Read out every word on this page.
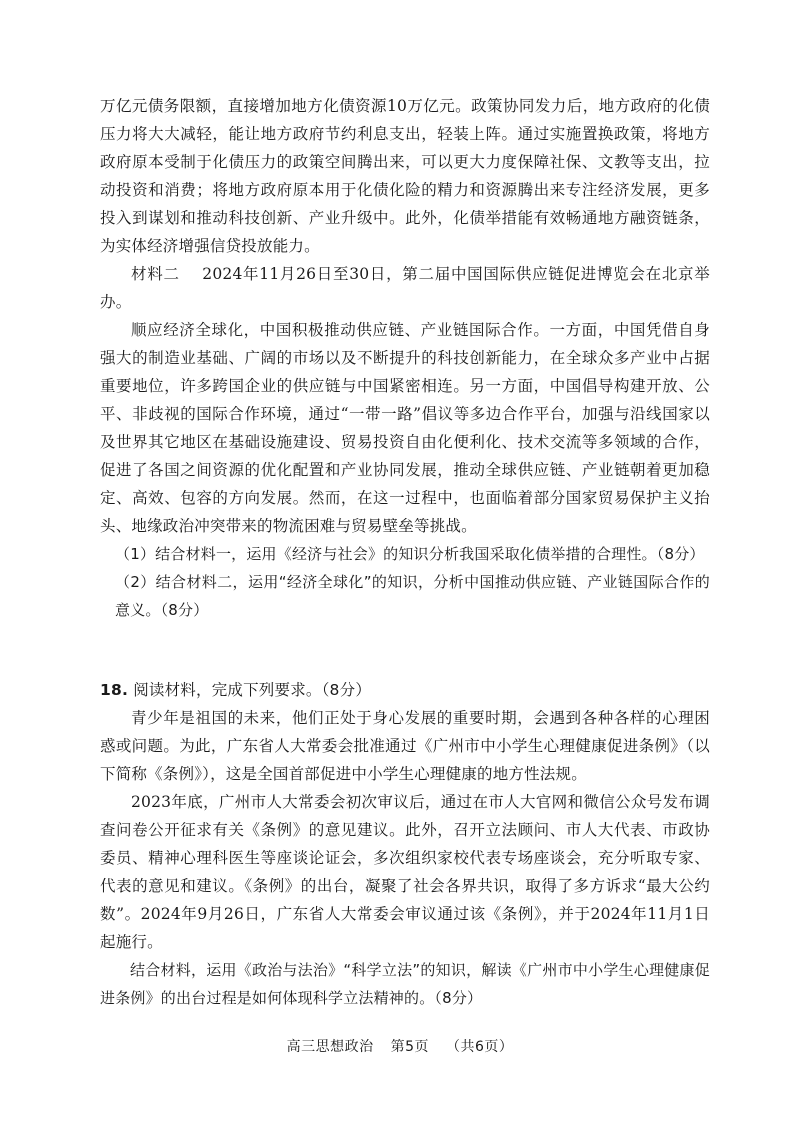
万亿元债务限额，直接增加地方化债资源10万亿元。政策协同发力后，地方政府的化债压力将大大减轻，能让地方政府节约利息支出，轻装上阵。通过实施置换政策，将地方政府原本受制于化债压力的政策空间腾出来，可以更大力度保障社保、文教等支出，拉动投资和消费；将地方政府原本用于化债化险的精力和资源腾出来专注经济发展，更多投入到谋划和推动科技创新、产业升级中。此外，化债举措能有效畅通地方融资链条，为实体经济增强信贷投放能力。

材料二 2024年11月26日至30日，第二届中国国际供应链促进博览会在北京举办。

顺应经济全球化，中国积极推动供应链、产业链国际合作。一方面，中国凭借自身强大的制造业基础、广阔的市场以及不断提升的科技创新能力，在全球众多产业中占据重要地位，许多跨国企业的供应链与中国紧密相连。另一方面，中国倡导构建开放、公平、非歧视的国际合作环境，通过“一带一路”倡议等多边合作平台，加强与沿线国家以及世界其它地区在基础设施建设、贸易投资自由化便利化、技术交流等多领域的合作，促进了各国之间资源的优化配置和产业协同发展，推动全球供应链、产业链朝着更加稳定、高效、包容的方向发展。然而，在这一过程中，也面临着部分国家贸易保护主义抬头、地缘政治冲突带来的物流困难与贸易壁垒等挑战。

（1）结合材料一，运用《经济与社会》的知识分析我国采取化债举措的合理性。（8分）

（2）结合材料二，运用“经济全球化”的知识，分析中国推动供应链、产业链国际合作的意义。（8分）

18. 阅读材料，完成下列要求。（8分）

青少年是祖国的未来，他们正处于身心发展的重要时期，会遇到各种各样的心理困惑或问题。为此，广东省人大常委会批准通过《广州市中小学生心理健康促进条例》（以下简称《条例》），这是全国首部促进中小学生心理健康的地方性法规。

2023年底，广州市人大常委会初次审议后，通过在市人大官网和微信公众号发布调查问卷公开征求有关《条例》的意见建议。此外，召开立法顾问、市人大代表、市政协委员、精神心理科医生等座谈论证会，多次组织家校代表专场座谈会，充分听取专家、代表的意见和建议。《条例》的出台，凝聚了社会各界共识，取得了多方诉求“最大公约数”。2024年9月26日，广东省人大常委会审议通过该《条例》，并于2024年11月1日起施行。

结合材料，运用《政治与法治》“科学立法”的知识，解读《广州市中小学生心理健康促进条例》的出台过程是如何体现科学立法精神的。（8分）

高三思想政治 第5页 （共6页）
